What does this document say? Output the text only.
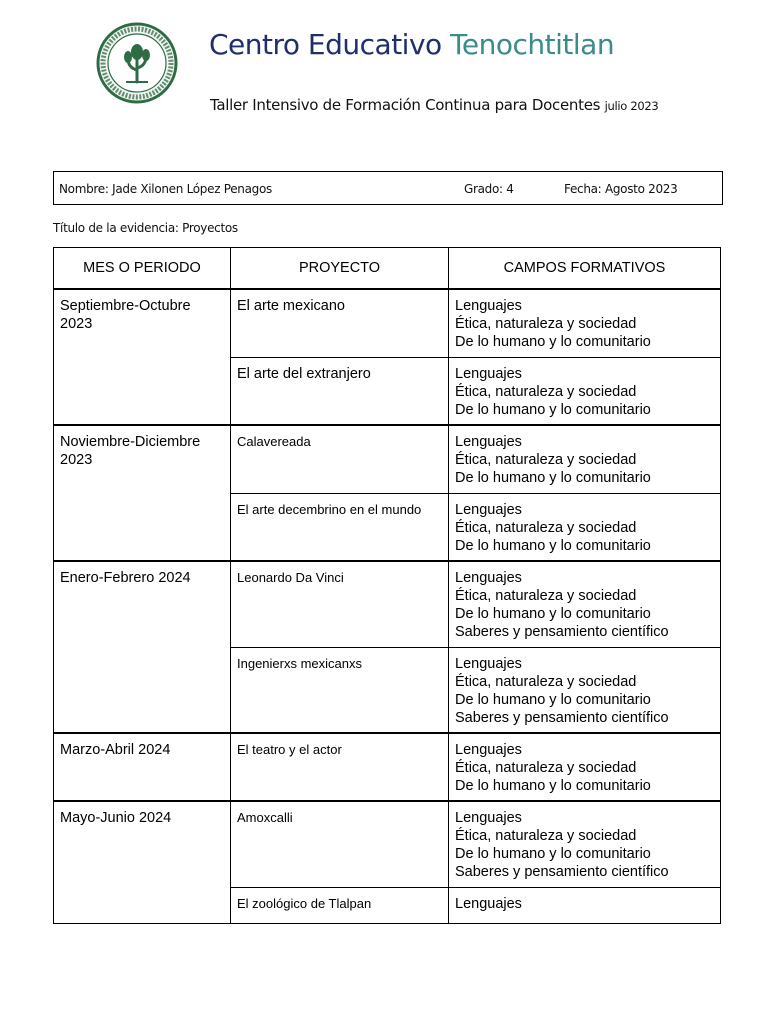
Centro Educativo Tenochtitlan
Taller Intensivo de Formación Continua para Docentes julio 2023
Nombre: Jade Xilonen López Penagos	Grado: 4	Fecha: Agosto 2023
Título de la evidencia: Proyectos
MES O PERIODO	PROYECTO	CAMPOS FORMATIVOS
Septiembre-Octubre 2023	El arte mexicano	Lenguajes
Ética, naturaleza y sociedad
De lo humano y lo comunitario

	El arte del extranjero	Lenguajes
Ética, naturaleza y sociedad
De lo humano y lo comunitario

Noviembre-Diciembre 2023	Calavereada	Lenguajes
Ética, naturaleza y sociedad
De lo humano y lo comunitario

	El arte decembrino en el mundo	Lenguajes
Ética, naturaleza y sociedad
De lo humano y lo comunitario

Enero-Febrero 2024	Leonardo Da Vinci	Lenguajes
Ética, naturaleza y sociedad
De lo humano y lo comunitario
Saberes y pensamiento científico

	Ingenierxs mexicanxs	Lenguajes
Ética, naturaleza y sociedad
De lo humano y lo comunitario
Saberes y pensamiento científico

Marzo-Abril 2024	El teatro y el actor	Lenguajes
Ética, naturaleza y sociedad
De lo humano y lo comunitario

Mayo-Junio 2024	Amoxcalli	Lenguajes
Ética, naturaleza y sociedad
De lo humano y lo comunitario
Saberes y pensamiento científico

	El zoológico de Tlalpan	Lenguajes
